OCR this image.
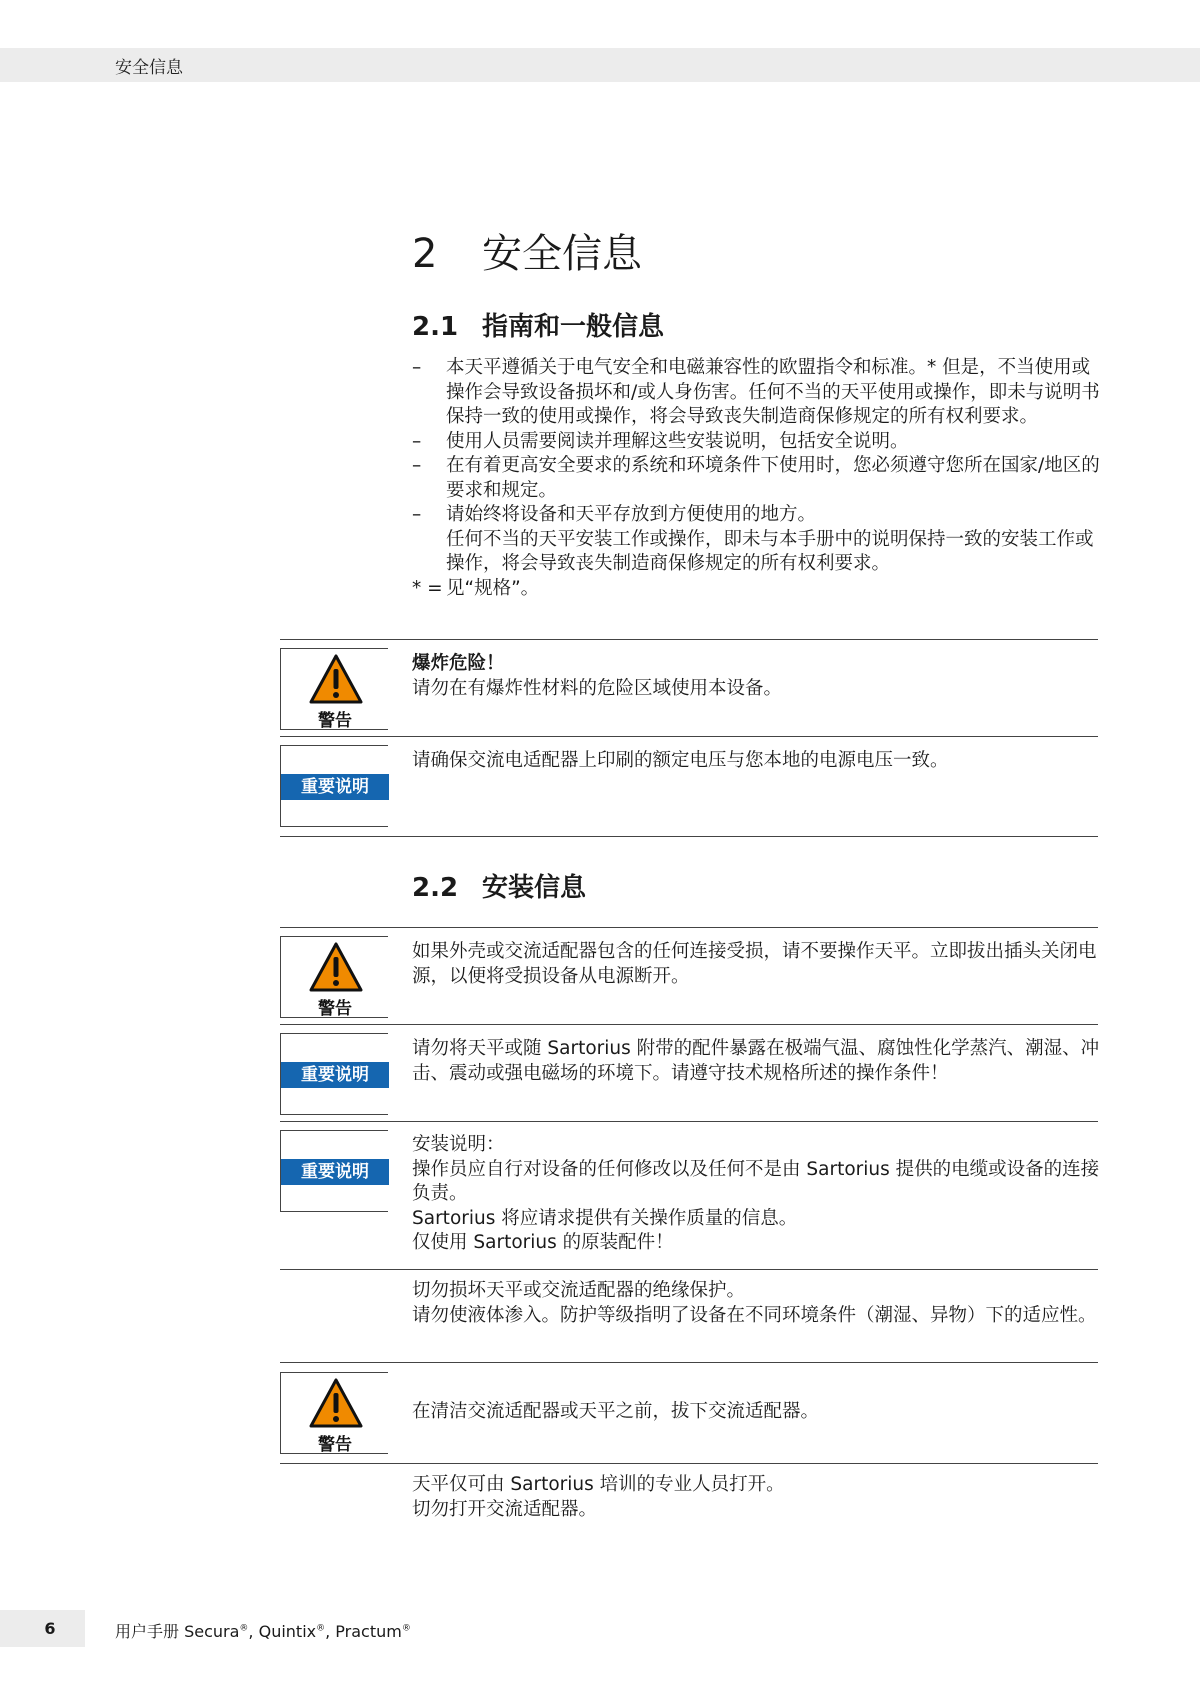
安全信息
2 安全信息
2.1 指南和一般信息
– 本天平遵循关于电气安全和电磁兼容性的欧盟指令和标准。* 但是，不当使用或操作会导致设备损坏和/或人身伤害。任何不当的天平使用或操作，即未与说明书保持一致的使用或操作，将会导致丧失制造商保修规定的所有权利要求。
– 使用人员需要阅读并理解这些安装说明，包括安全说明。
– 在有着更高安全要求的系统和环境条件下使用时，您必须遵守您所在国家/地区的要求和规定。
– 请始终将设备和天平存放到方便使用的地方。
任何不当的天平安装工作或操作，即未与本手册中的说明保持一致的安装工作或操作，将会导致丧失制造商保修规定的所有权利要求。
* = 见“规格”。
警告
爆炸危险！
请勿在有爆炸性材料的危险区域使用本设备。
重要说明
请确保交流电适配器上印刷的额定电压与您本地的电源电压一致。
2.2 安装信息
警告
如果外壳或交流适配器包含的任何连接受损，请不要操作天平。立即拔出插头关闭电源，以便将受损设备从电源断开。
重要说明
请勿将天平或随 Sartorius 附带的配件暴露在极端气温、腐蚀性化学蒸汽、潮湿、冲击、震动或强电磁场的环境下。请遵守技术规格所述的操作条件！
重要说明
安装说明：
操作员应自行对设备的任何修改以及任何不是由 Sartorius 提供的电缆或设备的连接负责。
Sartorius 将应请求提供有关操作质量的信息。
仅使用 Sartorius 的原装配件！
切勿损坏天平或交流适配器的绝缘保护。
请勿使液体渗入。防护等级指明了设备在不同环境条件（潮湿、异物）下的适应性。
警告
在清洁交流适配器或天平之前，拔下交流适配器。
天平仅可由 Sartorius 培训的专业人员打开。
切勿打开交流适配器。
6	用户手册 Secura®, Quintix®, Practum®
